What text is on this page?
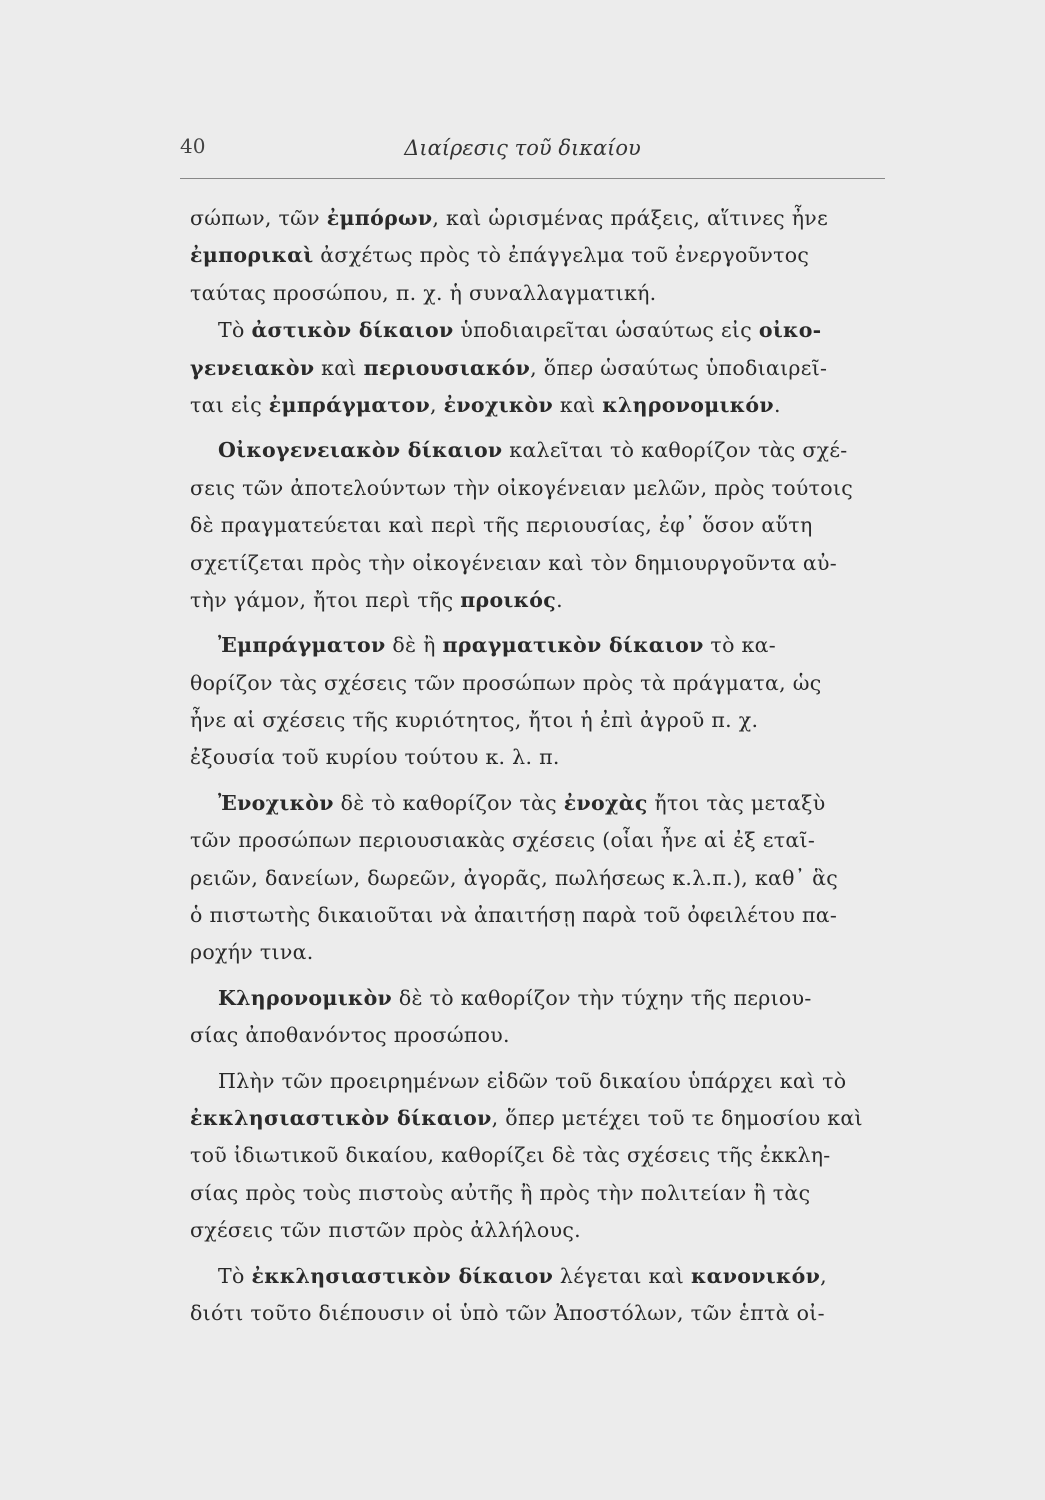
40	Διαίρεσις τοῦ δικαίου
σώπων, τῶν ἐμπόρων, καὶ ὡρισμένας πράξεις, αἵτινες ἦνε
ἐμπορικαὶ ἀσχέτως πρὸς τὸ ἐπάγγελμα τοῦ ἐνεργοῦντος
ταύτας προσώπου, π. χ. ἡ συναλλαγματική.
Τὸ ἀστικὸν δίκαιον ὑποδιαιρεῖται ὡσαύτως εἰς οἰκο-
γενειακὸν καὶ περιουσιακόν, ὅπερ ὡσαύτως ὑποδιαιρεῖ-
ται εἰς ἐμπράγματον, ἐνοχικὸν καὶ κληρονομικόν.
Οἰκογενειακὸν δίκαιον καλεῖται τὸ καθορίζον τὰς σχέ-
σεις τῶν ἀποτελούντων τὴν οἰκογένειαν μελῶν, πρὸς τούτοις
δὲ πραγματεύεται καὶ περὶ τῆς περιουσίας, ἐφ᾽ ὅσον αὕτη
σχετίζεται πρὸς τὴν οἰκογένειαν καὶ τὸν δημιουργοῦντα αὐ-
τὴν γάμον, ἤτοι περὶ τῆς προικός.
Ἐμπράγματον δὲ ἢ πραγματικὸν δίκαιον τὸ κα-
θορίζον τὰς σχέσεις τῶν προσώπων πρὸς τὰ πράγματα, ὡς
ἦνε αἱ σχέσεις τῆς κυριότητος, ἤτοι ἡ ἐπὶ ἀγροῦ π. χ.
ἐξουσία τοῦ κυρίου τούτου κ. λ. π.
Ἐνοχικὸν δὲ τὸ καθορίζον τὰς ἐνοχὰς ἤτοι τὰς μεταξὺ
τῶν προσώπων περιουσιακὰς σχέσεις (οἷαι ἦνε αἱ ἐξ εταῖ-
ρειῶν, δανείων, δωρεῶν, ἀγορᾶς, πωλήσεως κ.λ.π.), καθ᾽ ἃς
ὁ πιστωτὴς δικαιοῦται νὰ ἀπαιτήσῃ παρὰ τοῦ ὀφειλέτου πα-
ροχήν τινα.
Κληρονομικὸν δὲ τὸ καθορίζον τὴν τύχην τῆς περιου-
σίας ἀποθανόντος προσώπου.
Πλὴν τῶν προειρημένων εἰδῶν τοῦ δικαίου ὑπάρχει καὶ τὸ
ἐκκλησιαστικὸν δίκαιον, ὅπερ μετέχει τοῦ τε δημοσίου καὶ
τοῦ ἰδιωτικοῦ δικαίου, καθορίζει δὲ τὰς σχέσεις τῆς ἐκκλη-
σίας πρὸς τοὺς πιστοὺς αὐτῆς ἢ πρὸς τὴν πολιτείαν ἢ τὰς
σχέσεις τῶν πιστῶν πρὸς ἀλλήλους.
Τὸ ἐκκλησιαστικὸν δίκαιον λέγεται καὶ κανονικόν,
διότι τοῦτο διέπουσιν οἱ ὑπὸ τῶν Ἀποστόλων, τῶν ἑπτὰ οἰ-
